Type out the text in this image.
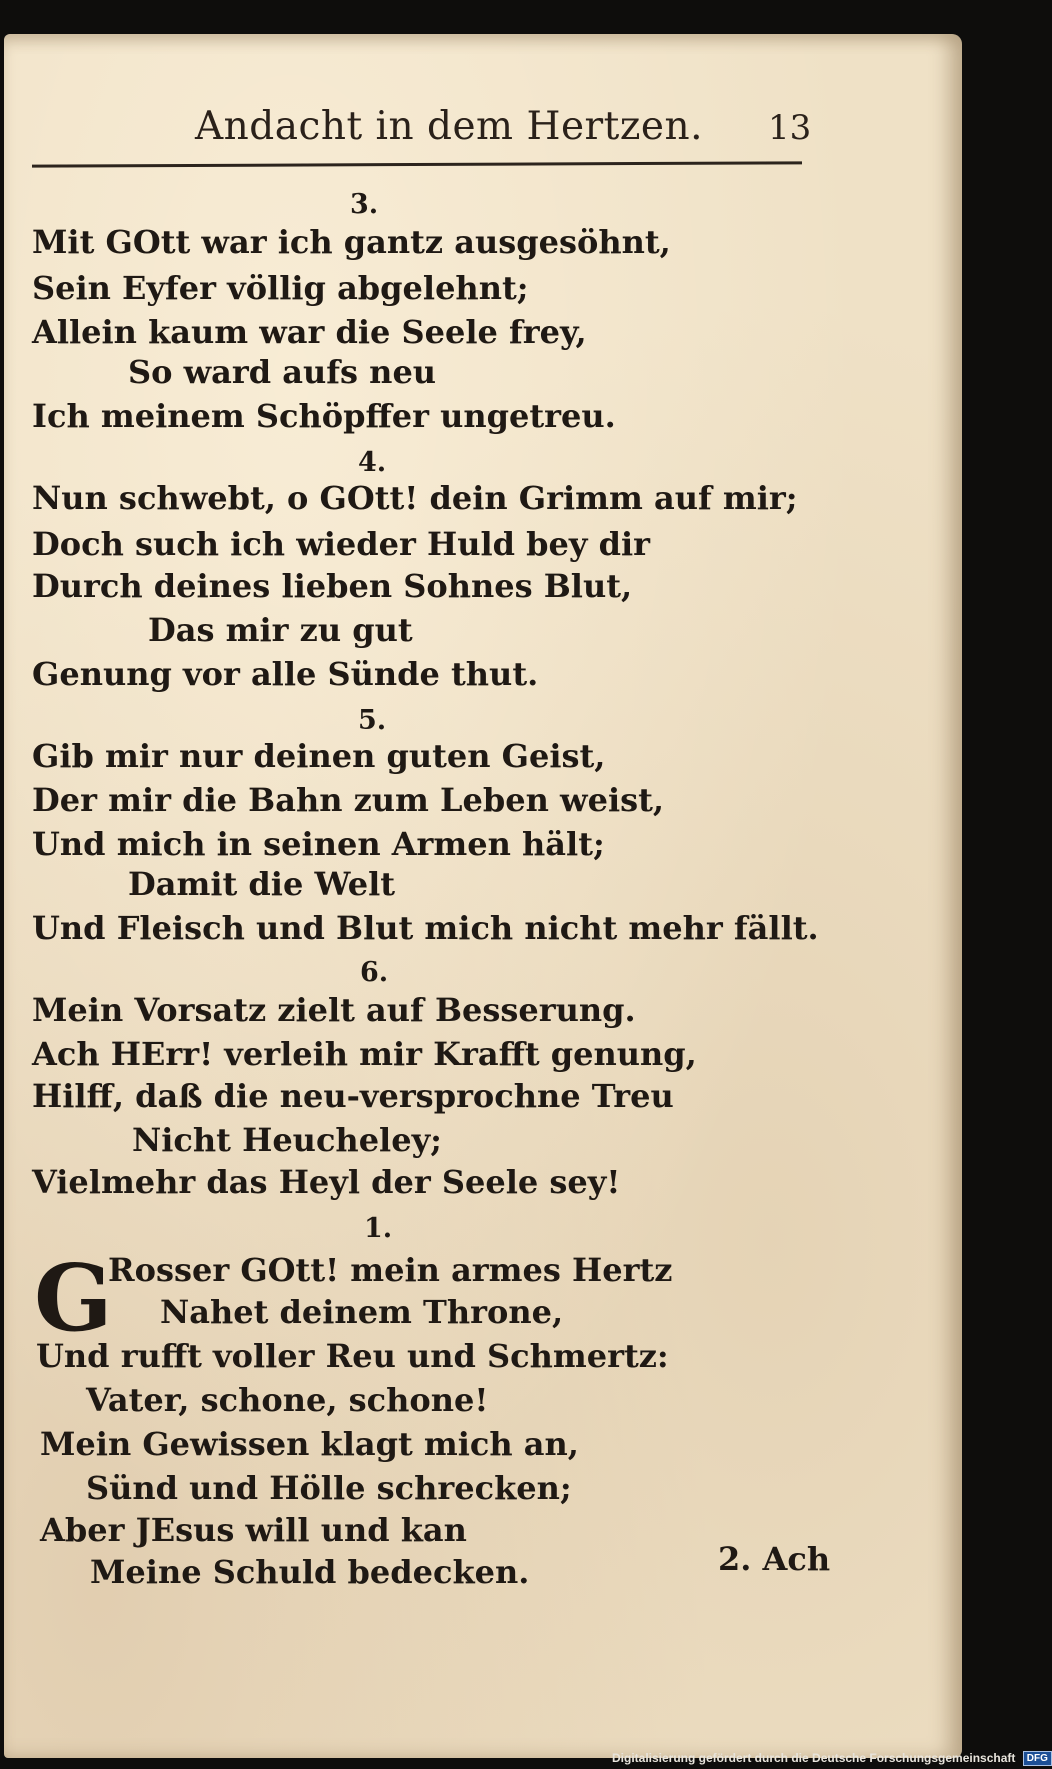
Andacht in dem Hertzen. 13
3.
Mit GOtt war ich gantz ausgesöhnt,
Sein Eyfer völlig abgelehnt;
Allein kaum war die Seele frey,
So ward aufs neu
Ich meinem Schöpffer ungetreu.
4.
Nun schwebt, o GOtt! dein Grimm auf mir;
Doch such ich wieder Huld bey dir
Durch deines lieben Sohnes Blut,
Das mir zu gut
Genung vor alle Sünde thut.
5.
Gib mir nur deinen guten Geist,
Der mir die Bahn zum Leben weist,
Und mich in seinen Armen hält;
Damit die Welt
Und Fleisch und Blut mich nicht mehr fällt.
6.
Mein Vorsatz zielt auf Besserung.
Ach HErr! verleih mir Krafft genung,
Hilff, daß die neu-versprochne Treu
Nicht Heucheley;
Vielmehr das Heyl der Seele sey!
1.
G
Rosser GOtt! mein armes Hertz
Nahet deinem Throne,
Und rufft voller Reu und Schmertz:
Vater, schone, schone!
Mein Gewissen klagt mich an,
Sünd und Hölle schrecken;
Aber JEsus will und kan
Meine Schuld bedecken.	2. Ach
Digitalisierung gefördert durch die Deutsche Forschungsgemeinschaft DFG
